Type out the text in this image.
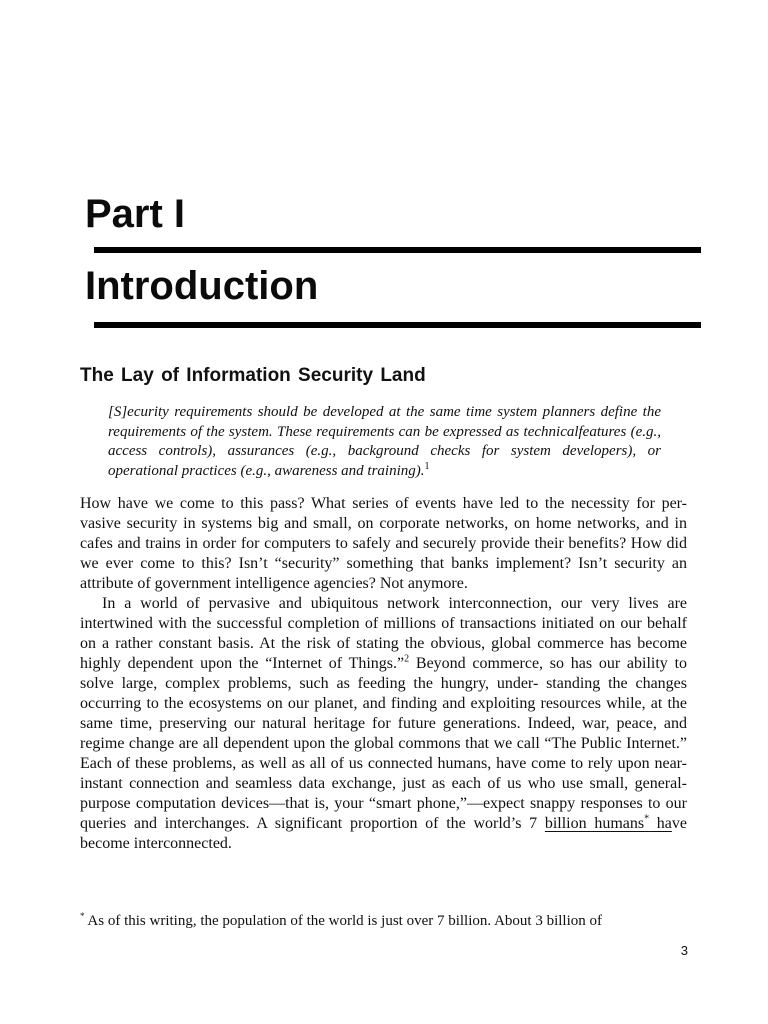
Part I
Introduction
The Lay of Information Security Land

[S]ecurity requirements should be developed at the same time system planners define the requirements of the system. These requirements can be expressed as technicalfeatures (e.g., access controls), assurances (e.g., background checks for system developers), or operational practices (e.g., awareness and training).$^1$

How have we come to this pass? What series of events have led to the necessity for per- vasive security in systems big and small, on corporate networks, on home networks, and in cafes and trains in order for computers to safely and securely provide their benefits? How did we ever come to this? Isn’t “security” something that banks implement? Isn’t security an attribute of government intelligence agencies? Not anymore.

In a world of pervasive and ubiquitous network interconnection, our very lives are intertwined with the successful completion of millions of transactions initiated on our behalf on a rather constant basis. At the risk of stating the obvious, global commerce has become highly dependent upon the “Internet of Things.”$^2$ Beyond commerce, so has our ability to solve large, complex problems, such as feeding the hungry, under- standing the changes occurring to the ecosystems on our planet, and finding and exploiting resources while, at the same time, preserving our natural heritage for future generations. Indeed, war, peace, and regime change are all dependent upon the global commons that we call “The Public Internet.” Each of these problems, as well as all of us connected humans, have come to rely upon near-instant connection and seamless data exchange, just as each of us who use small, general- purpose computation devices—that is, your “smart phone,”—expect snappy responses to our queries and interchanges. A significant proportion of the world’s 7 billion humans* have become interconnected.

* As of this writing, the population of the world is just over 7 billion. About 3 billion of

3
